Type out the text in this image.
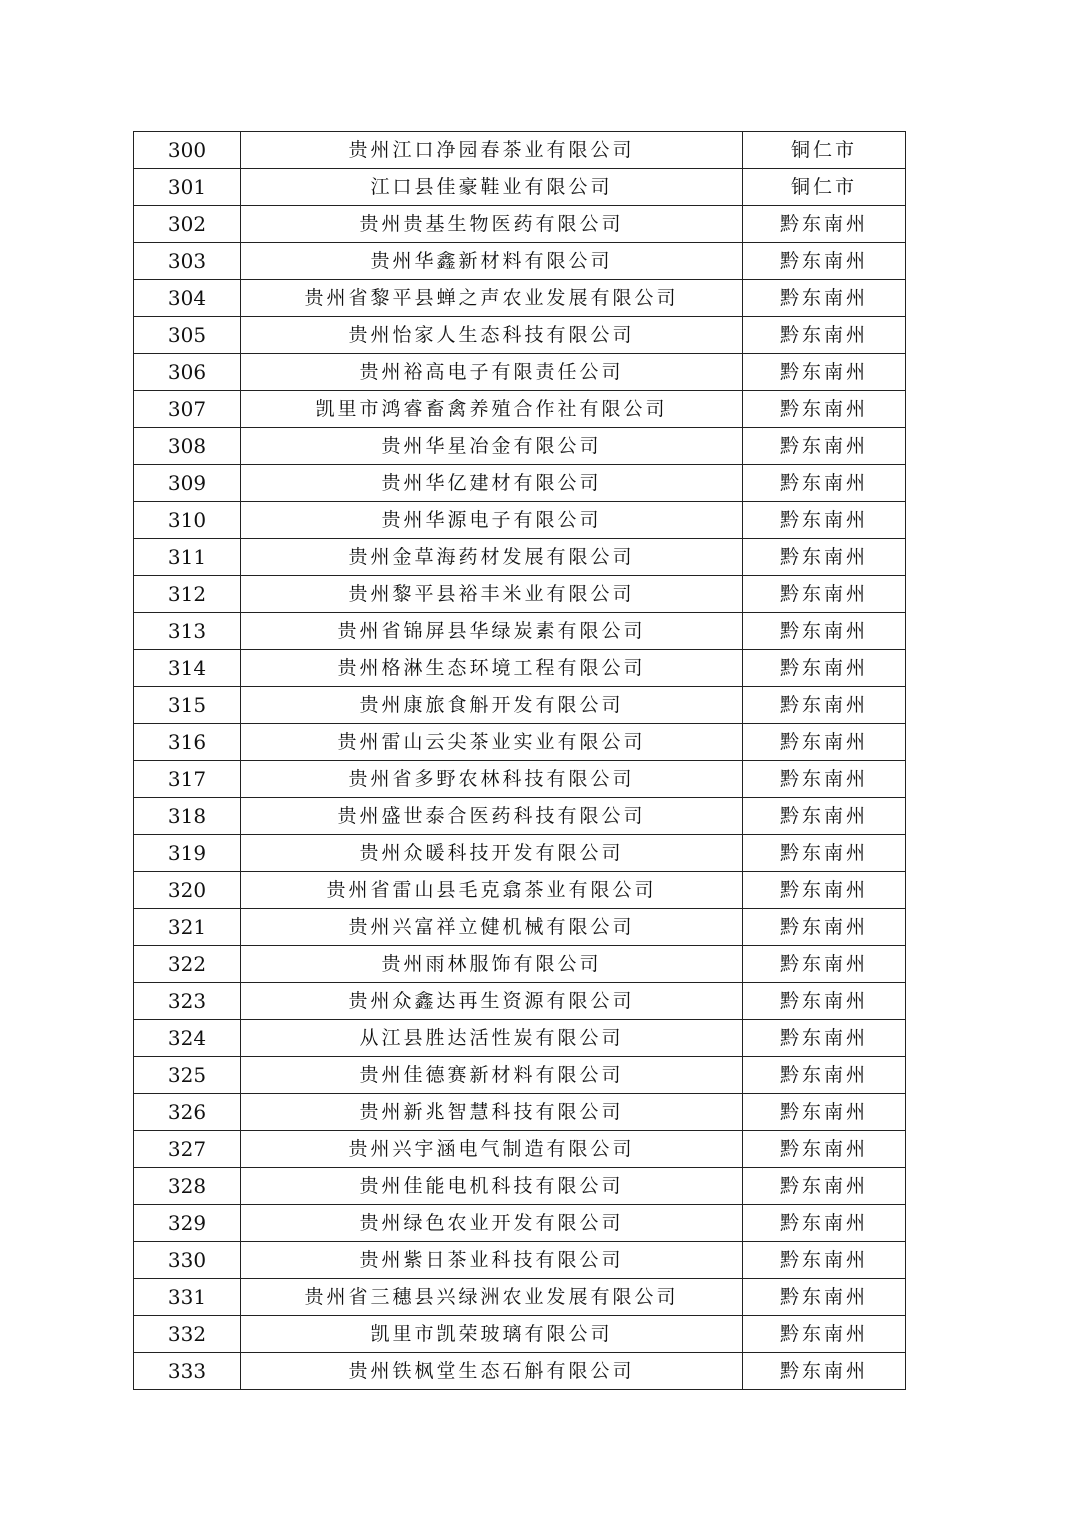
300	贵州江口净园春茶业有限公司	铜仁市
301	江口县佳豪鞋业有限公司	铜仁市
302	贵州贵基生物医药有限公司	黔东南州
303	贵州华鑫新材料有限公司	黔东南州
304	贵州省黎平县蝉之声农业发展有限公司	黔东南州
305	贵州怡家人生态科技有限公司	黔东南州
306	贵州裕高电子有限责任公司	黔东南州
307	凯里市鸿睿畜禽养殖合作社有限公司	黔东南州
308	贵州华星冶金有限公司	黔东南州
309	贵州华亿建材有限公司	黔东南州
310	贵州华源电子有限公司	黔东南州
311	贵州金草海药材发展有限公司	黔东南州
312	贵州黎平县裕丰米业有限公司	黔东南州
313	贵州省锦屏县华绿炭素有限公司	黔东南州
314	贵州格淋生态环境工程有限公司	黔东南州
315	贵州康旅食斛开发有限公司	黔东南州
316	贵州雷山云尖茶业实业有限公司	黔东南州
317	贵州省多野农林科技有限公司	黔东南州
318	贵州盛世泰合医药科技有限公司	黔东南州
319	贵州众暖科技开发有限公司	黔东南州
320	贵州省雷山县毛克翕茶业有限公司	黔东南州
321	贵州兴富祥立健机械有限公司	黔东南州
322	贵州雨林服饰有限公司	黔东南州
323	贵州众鑫达再生资源有限公司	黔东南州
324	从江县胜达活性炭有限公司	黔东南州
325	贵州佳德赛新材料有限公司	黔东南州
326	贵州新兆智慧科技有限公司	黔东南州
327	贵州兴宇涵电气制造有限公司	黔东南州
328	贵州佳能电机科技有限公司	黔东南州
329	贵州绿色农业开发有限公司	黔东南州
330	贵州紫日茶业科技有限公司	黔东南州
331	贵州省三穗县兴绿洲农业发展有限公司	黔东南州
332	凯里市凯荣玻璃有限公司	黔东南州
333	贵州铁枫堂生态石斛有限公司	黔东南州
